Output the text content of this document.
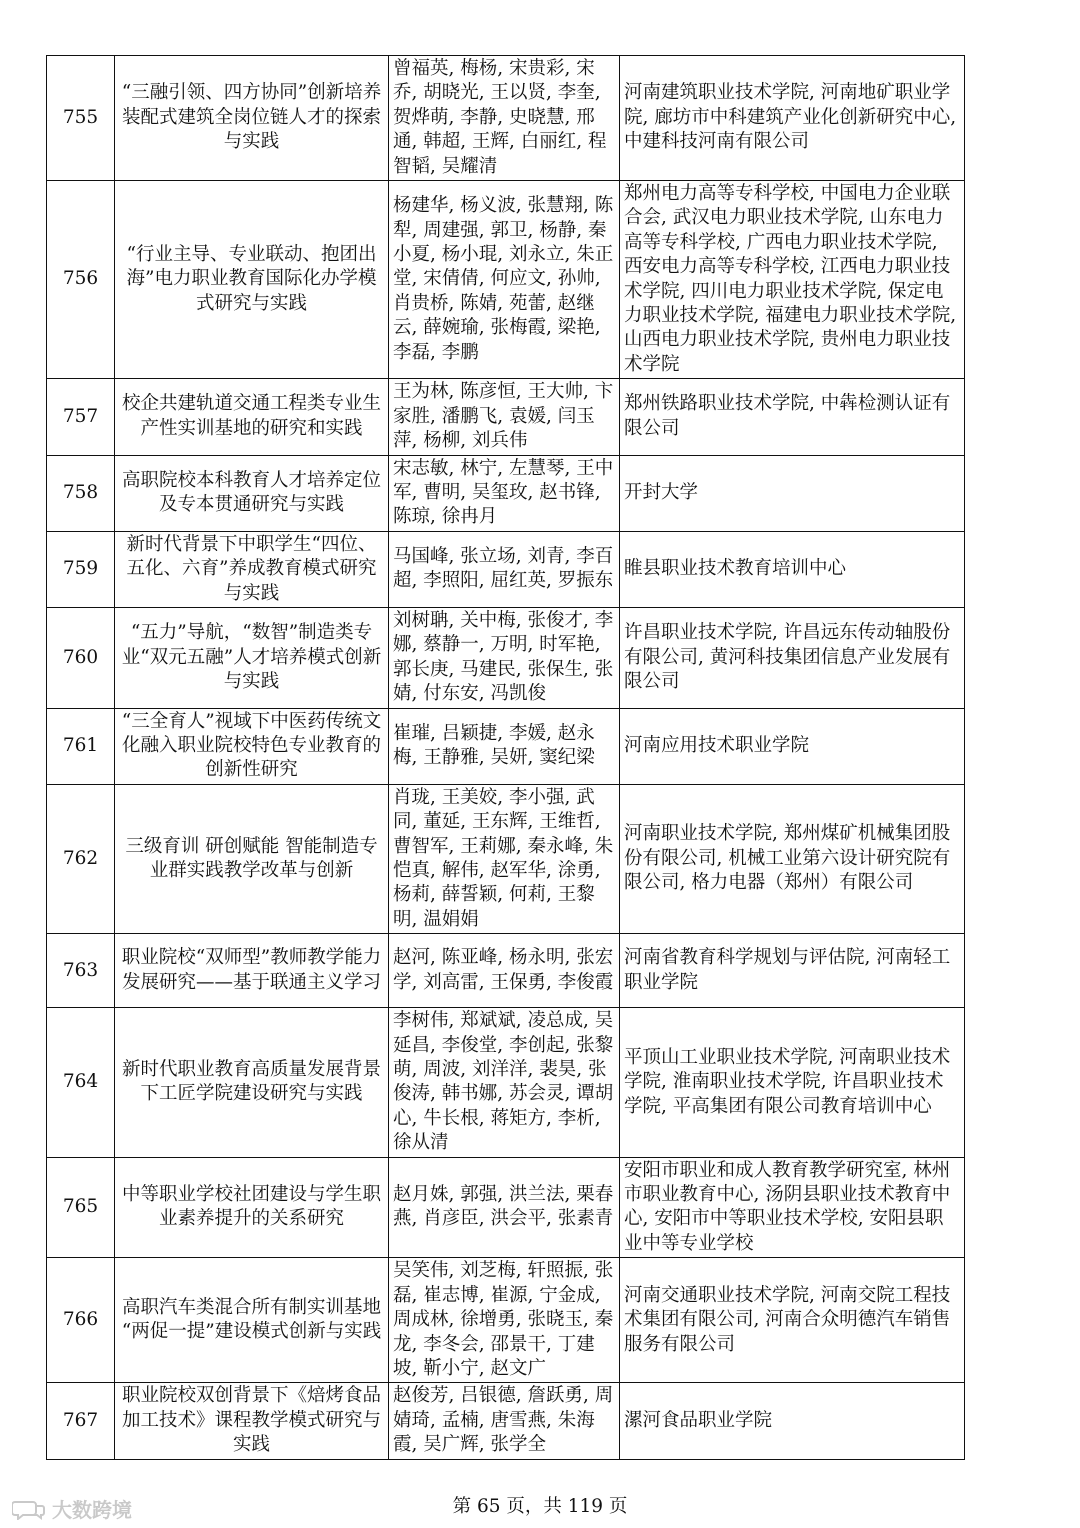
755	“三融引领、四方协同”创新培养装配式建筑全岗位链人才的探索与实践	曾福英, 梅杨, 宋贵彩, 宋乔, 胡晓光, 王以贤, 李奎, 贺烨萌, 李静, 史晓慧, 邢通, 韩超, 王辉, 白丽红, 程智韬, 吴耀清	河南建筑职业技术学院, 河南地矿职业学院, 廊坊市中科建筑产业化创新研究中心, 中建科技河南有限公司
756	“行业主导、专业联动、抱团出海”电力职业教育国际化办学模式研究与实践	杨建华, 杨义波, 张慧翔, 陈犁, 周建强, 郭卫, 杨静, 秦小夏, 杨小琨, 刘永立, 朱正堂, 宋倩倩, 何应文, 孙帅, 肖贵桥, 陈婧, 苑蕾, 赵继云, 薛婉瑜, 张梅霞, 梁艳, 李磊, 李鹏	郑州电力高等专科学校, 中国电力企业联合会, 武汉电力职业技术学院, 山东电力高等专科学校, 广西电力职业技术学院, 西安电力高等专科学校, 江西电力职业技术学院, 四川电力职业技术学院, 保定电力职业技术学院, 福建电力职业技术学院, 山西电力职业技术学院, 贵州电力职业技术学院
757	校企共建轨道交通工程类专业生产性实训基地的研究和实践	王为林, 陈彦恒, 王大帅, 卞家胜, 潘鹏飞, 袁媛, 闫玉萍, 杨柳, 刘兵伟	郑州铁路职业技术学院, 中犇检测认证有限公司
758	高职院校本科教育人才培养定位及专本贯通研究与实践	宋志敏, 林宁, 左慧琴, 王中军, 曹明, 吴玺玫, 赵书锋, 陈琼, 徐冉月	开封大学
759	新时代背景下中职学生“四位、五化、六育”养成教育模式研究与实践	马国峰, 张立场, 刘青, 李百超, 李照阳, 屈红英, 罗振东	睢县职业技术教育培训中心
760	“五力”导航，“数智”制造类专业“双元五融”人才培养模式创新与实践	刘树聃, 关中梅, 张俊才, 李娜, 蔡静一, 万明, 时军艳, 郭长庚, 马建民, 张保生, 张婧, 付东安, 冯凯俊	许昌职业技术学院, 许昌远东传动轴股份有限公司, 黄河科技集团信息产业发展有限公司
761	“三全育人”视域下中医药传统文化融入职业院校特色专业教育的创新性研究	崔璀, 吕颖捷, 李媛, 赵永梅, 王静雅, 吴妍, 窦纪梁	河南应用技术职业学院
762	三级育训 研创赋能 智能制造专业群实践教学改革与创新	肖珑, 王美姣, 李小强, 武同, 董延, 王东辉, 王维哲, 曹智军, 王莉娜, 秦永峰, 朱恺真, 解伟, 赵军华, 涂勇, 杨莉, 薛誓颖, 何莉, 王黎明, 温娟娟	河南职业技术学院, 郑州煤矿机械集团股份有限公司, 机械工业第六设计研究院有限公司, 格力电器（郑州）有限公司
763	职业院校“双师型”教师教学能力发展研究——基于联通主义学习	赵河, 陈亚峰, 杨永明, 张宏学, 刘高雷, 王保勇, 李俊霞	河南省教育科学规划与评估院, 河南轻工职业学院
764	新时代职业教育高质量发展背景下工匠学院建设研究与实践	李树伟, 郑斌斌, 凌总成, 吴延昌, 李俊堂, 李创起, 张黎萌, 周波, 刘洋洋, 裴昊, 张俊涛, 韩书娜, 苏会灵, 谭胡心, 牛长根, 蒋矩方, 李析, 徐从清	平顶山工业职业技术学院, 河南职业技术学院, 淮南职业技术学院, 许昌职业技术学院, 平高集团有限公司教育培训中心
765	中等职业学校社团建设与学生职业素养提升的关系研究	赵月姝, 郭强, 洪兰法, 栗春燕, 肖彦臣, 洪会平, 张素青	安阳市职业和成人教育教学研究室, 林州市职业教育中心, 汤阴县职业技术教育中心, 安阳市中等职业技术学校, 安阳县职业中等专业学校
766	高职汽车类混合所有制实训基地 “两促一提”建设模式创新与实践	吴笑伟, 刘芝梅, 轩照振, 张磊, 崔志博, 崔源, 宁金成, 周成林, 徐增勇, 张晓玉, 秦龙, 李冬会, 邵景干, 丁建坡, 靳小宁, 赵文广	河南交通职业技术学院, 河南交院工程技术集团有限公司, 河南合众明德汽车销售服务有限公司
767	职业院校双创背景下《焙烤食品加工技术》课程教学模式研究与实践	赵俊芳, 吕银德, 詹跃勇, 周婧琦, 孟楠, 唐雪燕, 朱海霞, 吴广辉, 张学全	漯河食品职业学院
大数跨境	第 65 页，共 119 页
